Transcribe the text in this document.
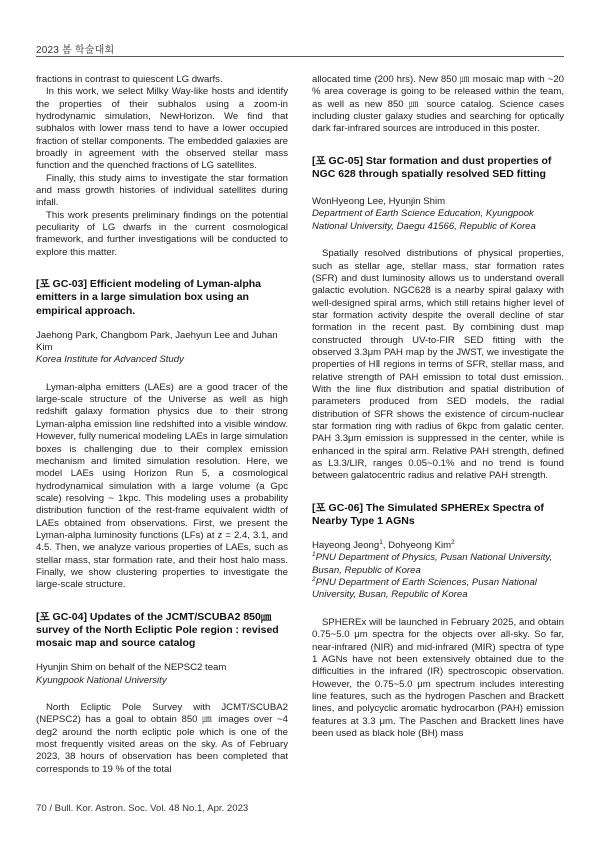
2023 봄 학술대회

fractions in contrast to quiescent LG dwarfs.

In this work, we select Milky Way-like hosts and identify the properties of their subhalos using a zoom-in hydrodynamic simulation, NewHorizon. We find that subhalos with lower mass tend to have a lower occupied fraction of stellar components. The embedded galaxies are broadly in agreement with the observed stellar mass function and the quenched fractions of LG satellites.

Finally, this study aims to investigate the star formation and mass growth histories of individual satellites during infall.

This work presents preliminary findings on the potential peculiarity of LG dwarfs in the current cosmological framework, and further investigations will be conducted to explore this matter.

[포 GC-03] Efficient modeling of Lyman-alpha emitters in a large simulation box using an empirical approach.

Jaehong Park, Changbom Park, Jaehyun Lee and Juhan Kim

Korea Institute for Advanced Study

Lyman-alpha emitters (LAEs) are a good tracer of the large-scale structure of the Universe as well as high redshift galaxy formation physics due to their strong Lyman-alpha emission line redshifted into a visible window. However, fully numerical modeling LAEs in large simulation boxes is challenging due to their complex emission mechanism and limited simulation resolution. Here, we model LAEs using Horizon Run 5, a cosmological hydrodynamical simulation with a large volume (a Gpc scale) resolving ~ 1kpc. This modeling uses a probability distribution function of the rest-frame equivalent width of LAEs obtained from observations. First, we present the Lyman-alpha luminosity functions (LFs) at z = 2.4, 3.1, and 4.5. Then, we analyze various properties of LAEs, such as stellar mass, star formation rate, and their host halo mass. Finally, we show clustering properties to investigate the large-scale structure.

[포 GC-04] Updates of the JCMT/SCUBA2 850㎛ survey of the North Ecliptic Pole region : revised mosaic map and source catalog

Hyunjin Shim on behalf of the NEPSC2 team

Kyungpook National University

North Ecliptic Pole Survey with JCMT/SCUBA2 (NEPSC2) has a goal to obtain 850 ㎛ images over ~4 deg2 around the north ecliptic pole which is one of the most frequently visited areas on the sky. As of February 2023, 38 hours of observation has been completed that corresponds to 19 % of the total

allocated time (200 hrs). New 850 ㎛ mosaic map with ~20 % area coverage is going to be released within the team, as well as new 850 ㎛ source catalog. Science cases including cluster galaxy studies and searching for optically dark far-infrared sources are introduced in this poster.

[포 GC-05] Star formation and dust properties of NGC 628 through spatially resolved SED fitting

WonHyeong Lee, Hyunjin Shim

Department of Earth Science Education, Kyungpook National University, Daegu 41566, Republic of Korea

Spatially resolved distributions of physical properties, such as stellar age, stellar mass, star formation rates (SFR) and dust luminosity allows us to understand overall galactic evolution. NGC628 is a nearby spiral galaxy with well-designed spiral arms, which still retains higher level of star formation activity despite the overall decline of star formation in the recent past. By combining dust map constructed through UV-to-FIR SED fitting with the observed 3.3μm PAH map by the JWST, we investigate the properties of HⅡ regions in terms of SFR, stellar mass, and relative strength of PAH emission to total dust emission. With the line flux distribution and spatial distribution of parameters produced from SED models, the radial distribution of SFR shows the existence of circum-nuclear star formation ring with radius of 6kpc from galatic center. PAH 3.3μm emission is suppressed in the center, while is enhanced in the spiral arm. Relative PAH strength, defined as L3.3/LIR, ranges 0.05~0.1% and no trend is found between galatocentric radius and relative PAH strength.

[포 GC-06] The Simulated SPHEREx Spectra of Nearby Type 1 AGNs

Hayeong Jeong$^1$, Dohyeong Kim$^2$

$^1$PNU Department of Physics, Pusan National University, Busan, Republic of Korea

$^2$PNU Department of Earth Sciences, Pusan National University, Busan, Republic of Korea

SPHEREx will be launched in February 2025, and obtain 0.75~5.0 μm spectra for the objects over all-sky. So far, near-infrared (NIR) and mid-infrared (MIR) spectra of type 1 AGNs have not been extensively obtained due to the difficulties in the infrared (IR) spectroscopic observation. However, the 0.75~5.0 μm spectrum includes interesting line features, such as the hydrogen Paschen and Brackett lines, and polycyclic aromatic hydrocarbon (PAH) emission features at 3.3 μm. The Paschen and Brackett lines have been used as black hole (BH) mass

70 / Bull. Kor. Astron. Soc. Vol. 48 No.1, Apr. 2023
